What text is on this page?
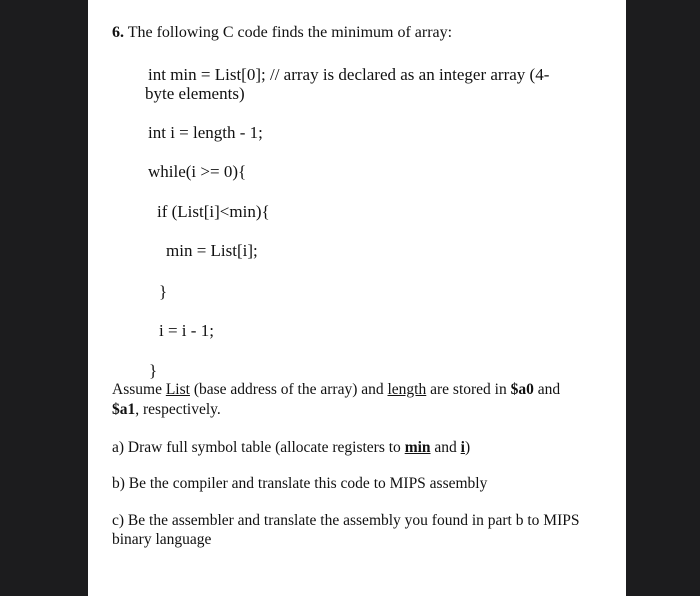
6. The following C code finds the minimum of array:
int min = List[0]; // array is declared as an integer array (4-
byte elements)
int i = length - 1;
while(i >= 0){
if (List[i]<min){
min = List[i];
}
i = i - 1;
}
Assume List (base address of the array) and length are stored in $a0 and
$a1, respectively.
a) Draw full symbol table (allocate registers to min and i)
b) Be the compiler and translate this code to MIPS assembly
c) Be the assembler and translate the assembly you found in part b to MIPS
binary language
